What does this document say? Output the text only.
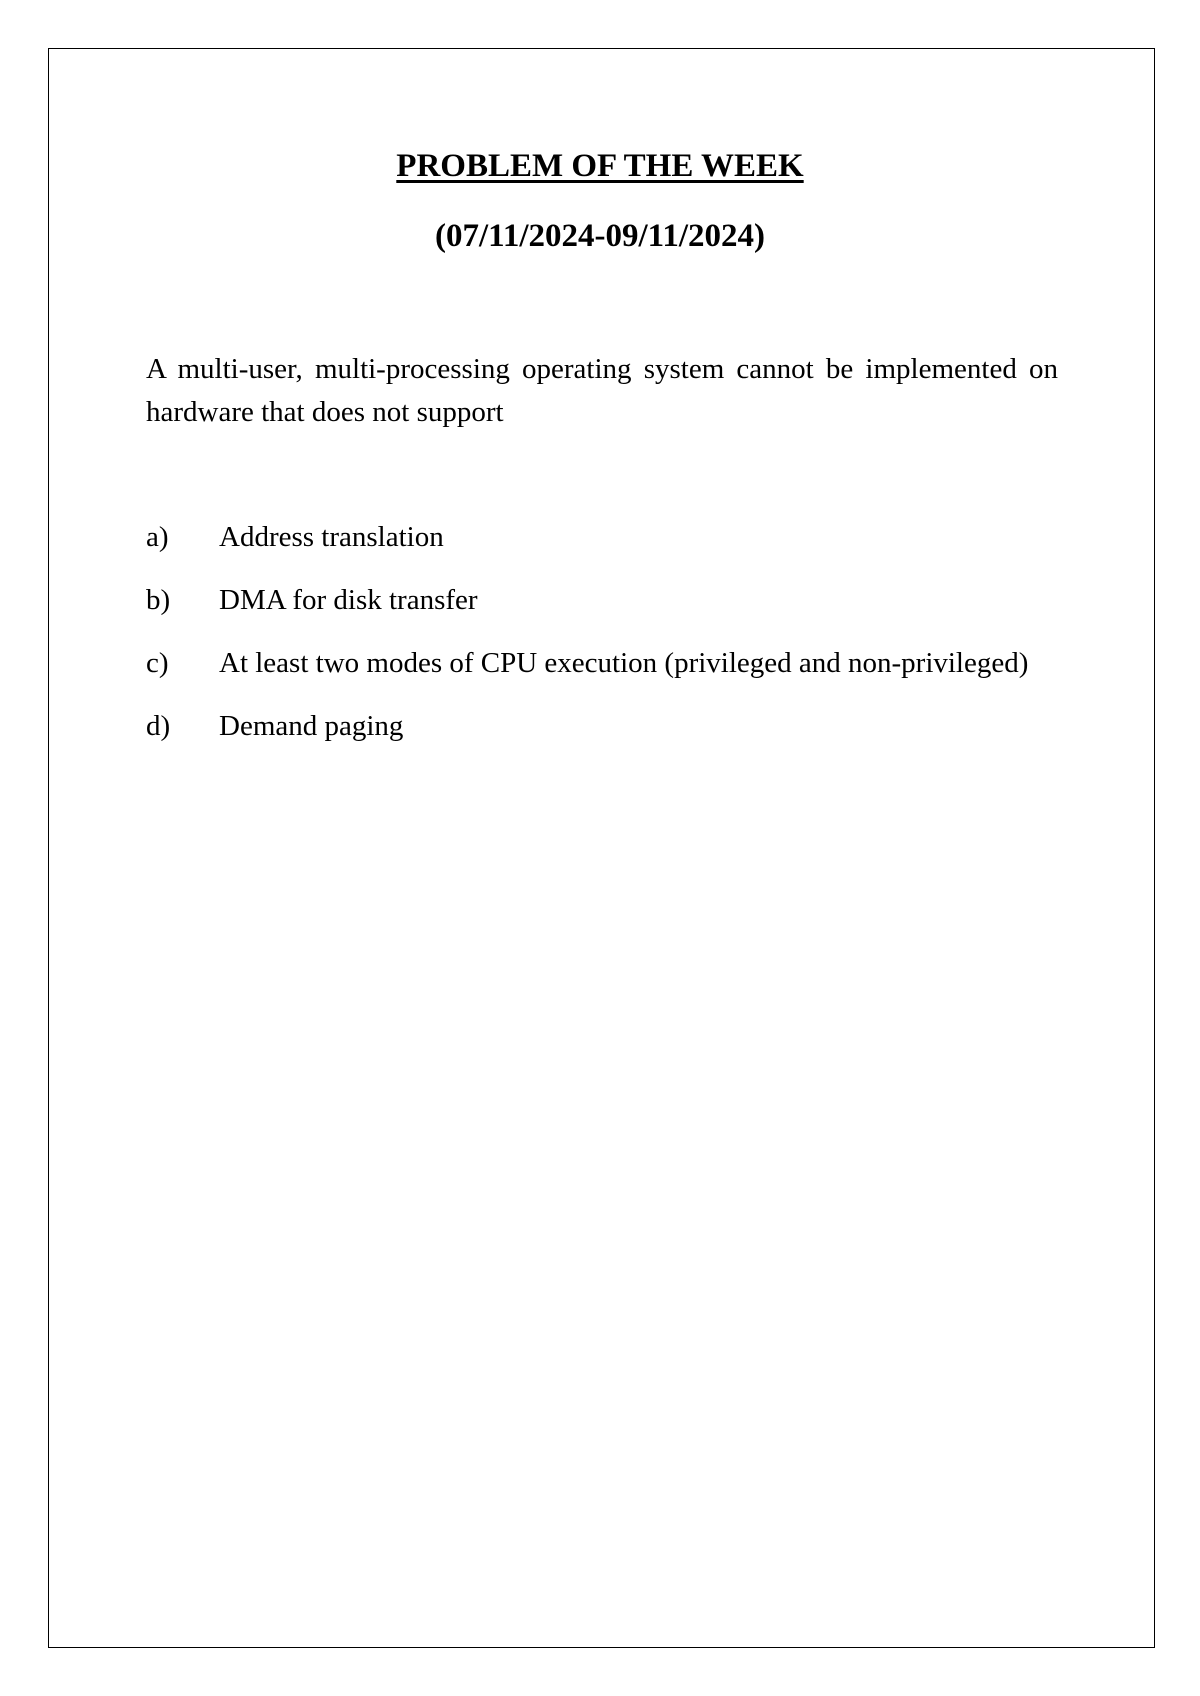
PROBLEM OF THE WEEK
(07/11/2024-09/11/2024)
A multi-user, multi-processing operating system cannot be implemented on hardware that does not support
a) Address translation
b) DMA for disk transfer
c) At least two modes of CPU execution (privileged and non-privileged)
d) Demand paging
